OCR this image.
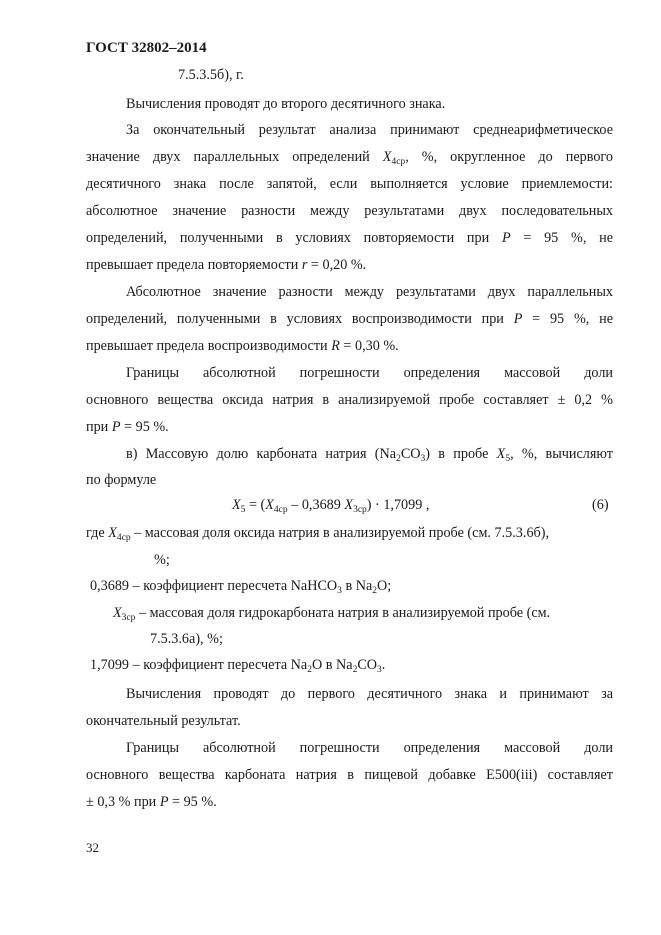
ГОСТ 32802–2014
7.5.3.5б), г.
Вычисления проводят до второго десятичного знака.
За окончательный результат анализа принимают среднеарифметическое
значение двух параллельных определений $X_{4ср}$, %, округленное до первого
десятичного знака после запятой, если выполняется условие приемлемости:
абсолютное значение разности между результатами двух последовательных
определений, полученными в условиях повторяемости при P = 95 %, не
превышает предела повторяемости r = 0,20 %.
Абсолютное значение разности между результатами двух параллельных
определений, полученными в условиях воспроизводимости при P = 95 %, не
превышает предела воспроизводимости R = 0,30 %.
Границы абсолютной погрешности определения массовой доли
основного вещества оксида натрия в анализируемой пробе составляет ± 0,2 %
при P = 95 %.
в) Массовую долю карбоната натрия $(Na_2CO_3)$ в пробе $X_5$, %, вычисляют
по формуле
$X_5 = (X_{4ср} - 0,3689$ $X_{3ср}) \cdot 1,7099$ ,	(6)
где $X_{4ср}$ – массовая доля оксида натрия в анализируемой пробе (см. 7.5.3.6б),
%;
0,3689 – коэффициент пересчета NaHCO$_3$ в $Na_2O$;
$X_{3ср}$ – массовая доля гидрокарбоната натрия в анализируемой пробе (см.
7.5.3.6а), %;
1,7099 – коэффициент пересчета $Na_2O$ в $Na_2CO_3$.
Вычисления проводят до первого десятичного знака и принимают за
окончательный результат.
Границы абсолютной погрешности определения массовой доли
основного вещества карбоната натрия в пищевой добавке Е500(iii) составляет
± 0,3 % при P = 95 %.
32
